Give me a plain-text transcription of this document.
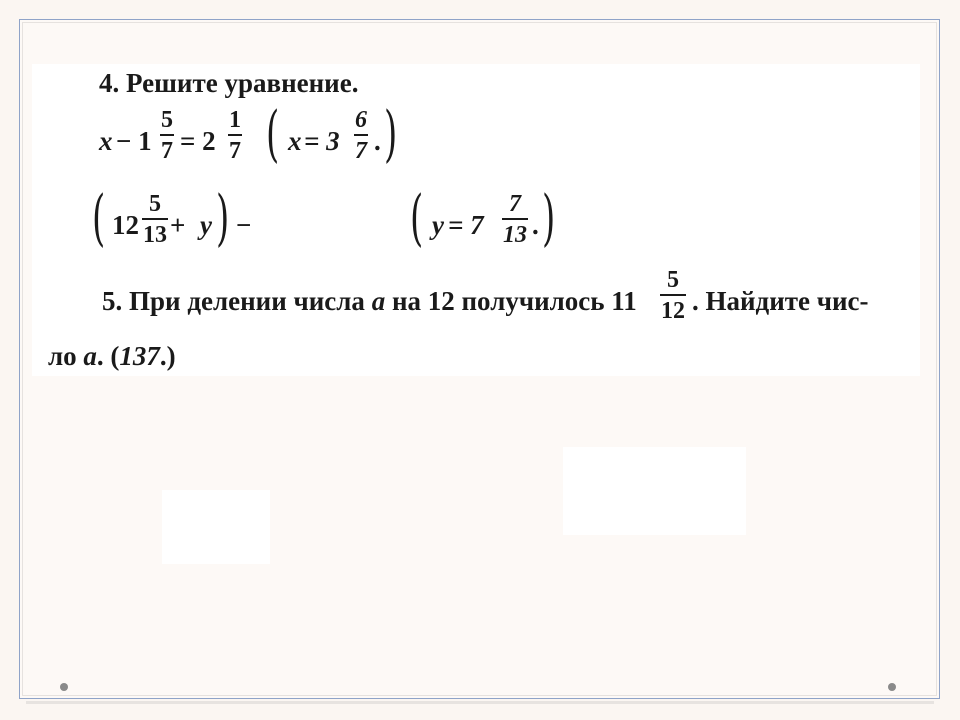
4. Решите уравнение.
$x - 1 \frac{5}{7} = 2 \frac{1}{7}$ ( $x = 3 \frac{6}{7}$ . )
( $12 \frac{5}{13} + y$ ) −	( $y = 7 \frac{7}{13}$ . )
5. При делении числа a на 12 получилось $11 \frac{5}{12}$ . Найдите чис-
ло a. (137.)
